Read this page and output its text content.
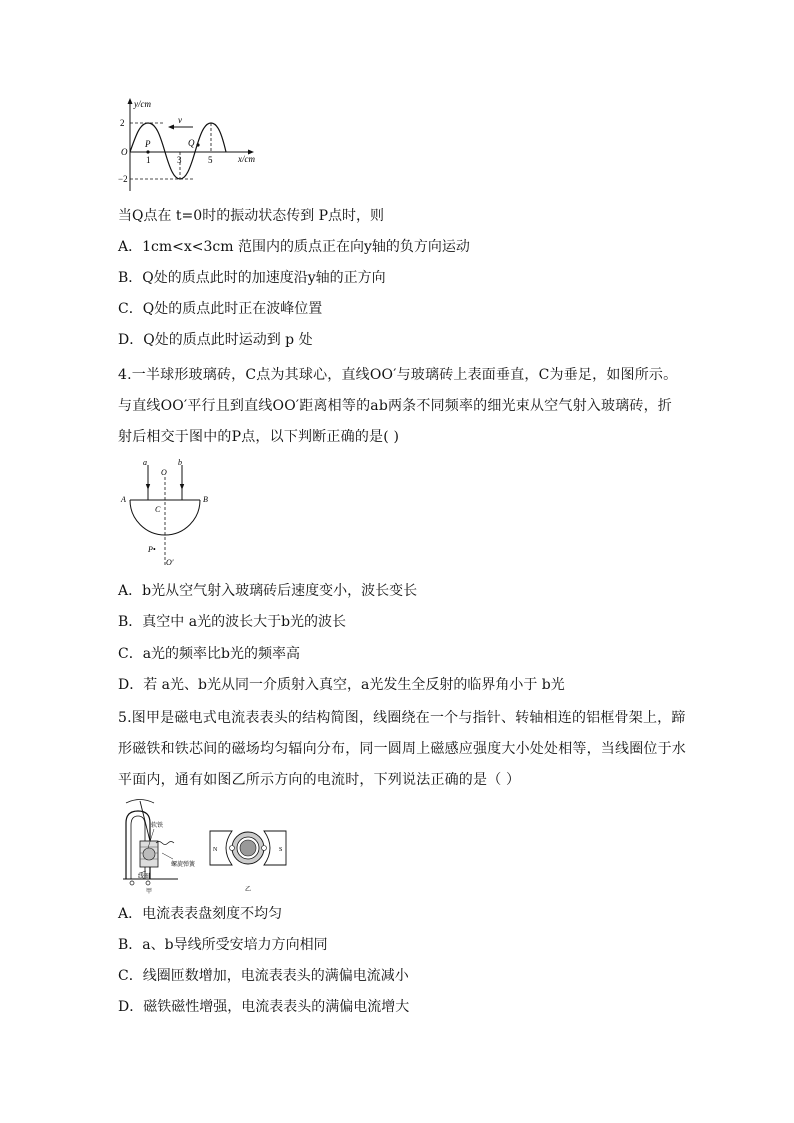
y/cm
x/cm
2
−2
O
1	3	5
P	Q
v
当Q点在 t=0时的振动状态传到 P点时，则
A．1cm<x<3cm 范围内的质点正在向y轴的负方向运动
B．Q处的质点此时的加速度沿y轴的正方向
C．Q处的质点此时正在波峰位置
D．Q处的质点此时运动到 p 处
4.一半球形玻璃砖，C点为其球心，直线OO′与玻璃砖上表面垂直，C为垂足，如图所示。
与直线OO′平行且到直线OO′距离相等的ab两条不同频率的细光束从空气射入玻璃砖，折
射后相交于图中的P点，以下判断正确的是( )
a	b
O
A	B
C
P•
O′
A．b光从空气射入玻璃砖后速度变小，波长变长
B．真空中 a光的波长大于b光的波长
C．a光的频率比b光的频率高
D．若 a光、b光从同一介质射入真空，a光发生全反射的临界角小于 b光
5.图甲是磁电式电流表表头的结构简图，线圈绕在一个与指针、转轴相连的铝框骨架上，蹄
形磁铁和铁芯间的磁场均匀辐向分布，同一圆周上磁感应强度大小处处相等，当线圈位于水
平面内，通有如图乙所示方向的电流时，下列说法正确的是（ ）
软铁
螺旋弹簧
线圈
甲
N	S
乙
A．电流表表盘刻度不均匀
B．a、b导线所受安培力方向相同
C．线圈匝数增加，电流表表头的满偏电流减小
D．磁铁磁性增强，电流表表头的满偏电流增大
